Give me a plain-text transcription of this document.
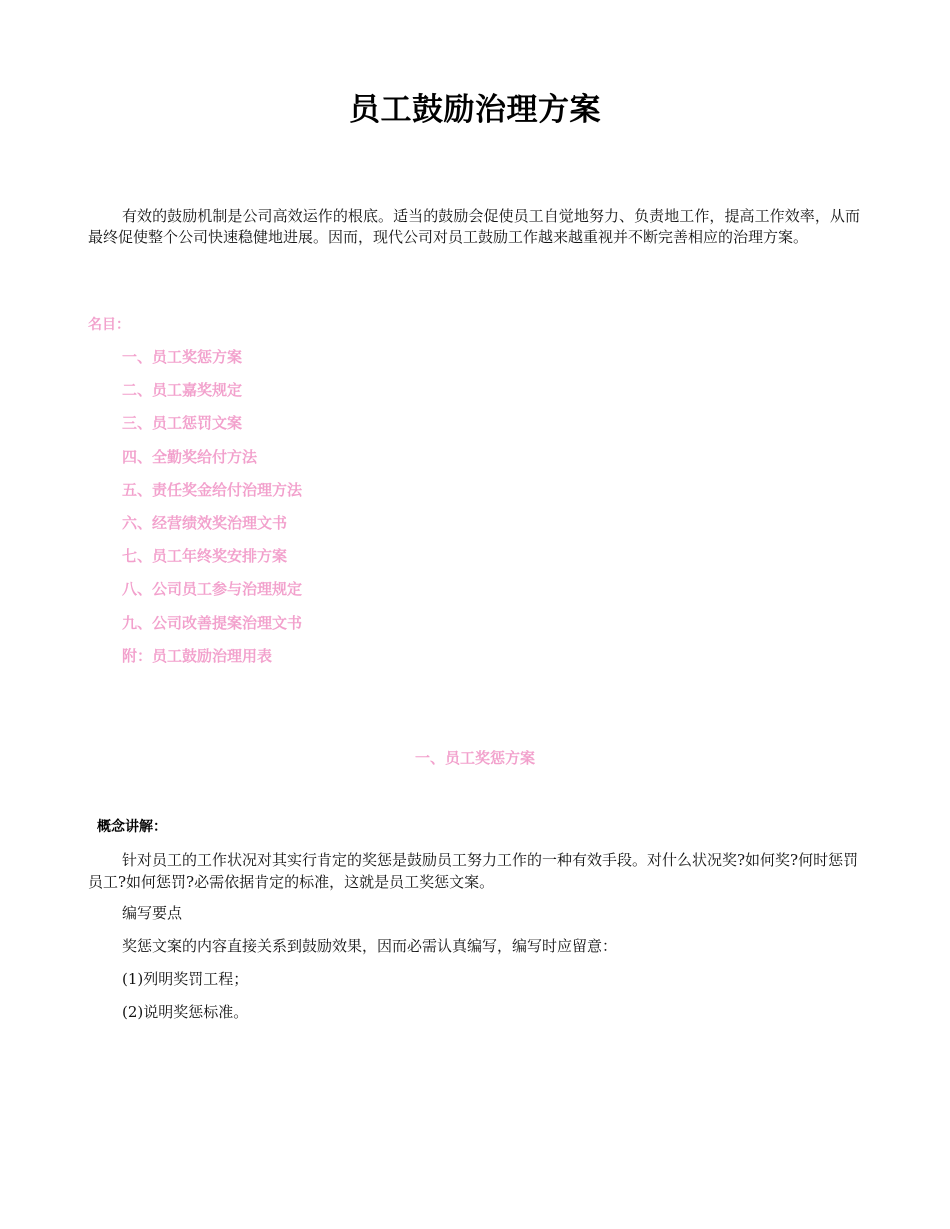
员工鼓励治理方案

有效的鼓励机制是公司高效运作的根底。适当的鼓励会促使员工自觉地努力、负责地工作，提高工作效率，从而最终促使整个公司快速稳健地进展。因而，现代公司对员工鼓励工作越来越重视并不断完善相应的治理方案。

名目：
一、员工奖惩方案
二、员工嘉奖规定
三、员工惩罚文案
四、全勤奖给付方法
五、责任奖金给付治理方法
六、经营绩效奖治理文书
七、员工年终奖安排方案
八、公司员工参与治理规定
九、公司改善提案治理文书
附：员工鼓励治理用表
一、员工奖惩方案
概念讲解：

针对员工的工作状况对其实行肯定的奖惩是鼓励员工努力工作的一种有效手段。对什么状况奖?如何奖?何时惩罚员工?如何惩罚?必需依据肯定的标准，这就是员工奖惩文案。

编写要点

奖惩文案的内容直接关系到鼓励效果，因而必需认真编写，编写时应留意：

(1)列明奖罚工程；

(2)说明奖惩标准。
